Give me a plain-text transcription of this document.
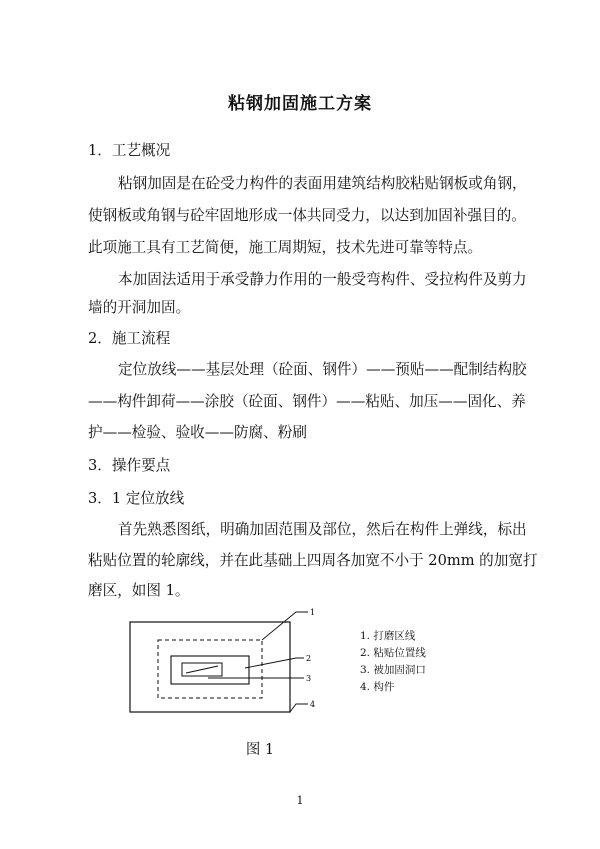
粘钢加固施工方案
1．工艺概况
粘钢加固是在砼受力构件的表面用建筑结构胶粘贴钢板或角钢，
使钢板或角钢与砼牢固地形成一体共同受力，以达到加固补强目的。
此项施工具有工艺简便，施工周期短，技术先进可靠等特点。
本加固法适用于承受静力作用的一般受弯构件、受拉构件及剪力
墙的开洞加固。
2．施工流程
定位放线——基层处理（砼面、钢件）——预贴——配制结构胶
——构件卸荷——涂胶（砼面、钢件）——粘贴、加压——固化、养
护——检验、验收——防腐、粉刷
3．操作要点
3．1 定位放线
首先熟悉图纸，明确加固范围及部位，然后在构件上弹线，标出
粘贴位置的轮廓线，并在此基础上四周各加宽不小于 20mm 的加宽打
磨区，如图 1。
1
2
3
4
1. 打磨区线
2. 粘贴位置线
3. 被加固洞口
4. 构件
图 1
1
